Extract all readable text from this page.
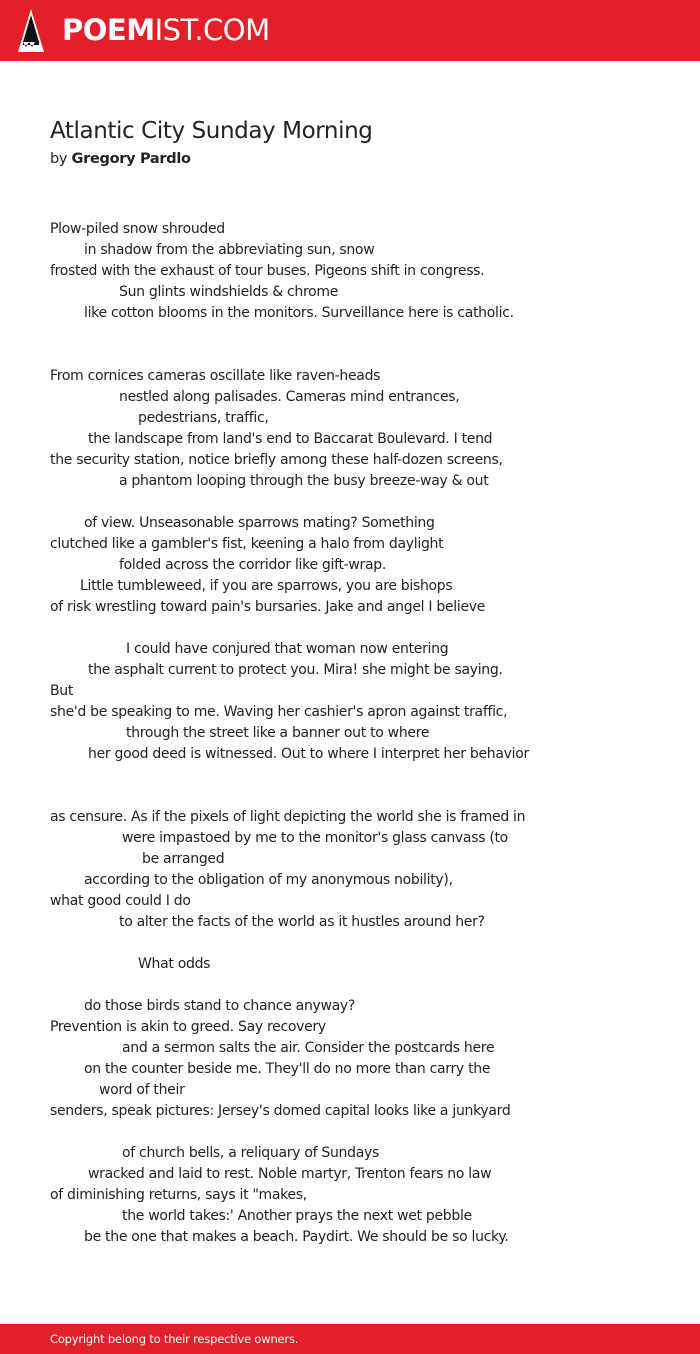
POEMIST.COM
Atlantic City Sunday Morning
by Gregory Pardlo
Plow-piled snow shrouded
in shadow from the abbreviating sun, snow
frosted with the exhaust of tour buses. Pigeons shift in congress.
Sun glints windshields & chrome
like cotton blooms in the monitors. Surveillance here is catholic.
From cornices cameras oscillate like raven-heads
nestled along palisades. Cameras mind entrances,
pedestrians, traffic,
the landscape from land's end to Baccarat Boulevard. I tend
the security station, notice briefly among these half-dozen screens,
a phantom looping through the busy breeze-way & out
of view. Unseasonable sparrows mating? Something
clutched like a gambler's fist, keening a halo from daylight
folded across the corridor like gift-wrap.
Little tumbleweed, if you are sparrows, you are bishops
of risk wrestling toward pain's bursaries. Jake and angel I believe
I could have conjured that woman now entering
the asphalt current to protect you. Mira! she might be saying.
But
she'd be speaking to me. Waving her cashier's apron against traffic,
through the street like a banner out to where
her good deed is witnessed. Out to where I interpret her behavior
as censure. As if the pixels of light depicting the world she is framed in
were impastoed by me to the monitor's glass canvass (to
be arranged
according to the obligation of my anonymous nobility),
what good could I do
to alter the facts of the world as it hustles around her?
What odds
do those birds stand to chance anyway?
Prevention is akin to greed. Say recovery
and a sermon salts the air. Consider the postcards here
on the counter beside me. They'll do no more than carry the
word of their
senders, speak pictures: Jersey's domed capital looks like a junkyard
of church bells, a reliquary of Sundays
wracked and laid to rest. Noble martyr, Trenton fears no law
of diminishing returns, says it "makes,
the world takes:' Another prays the next wet pebble
be the one that makes a beach. Paydirt. We should be so lucky.
Copyright belong to their respective owners.
